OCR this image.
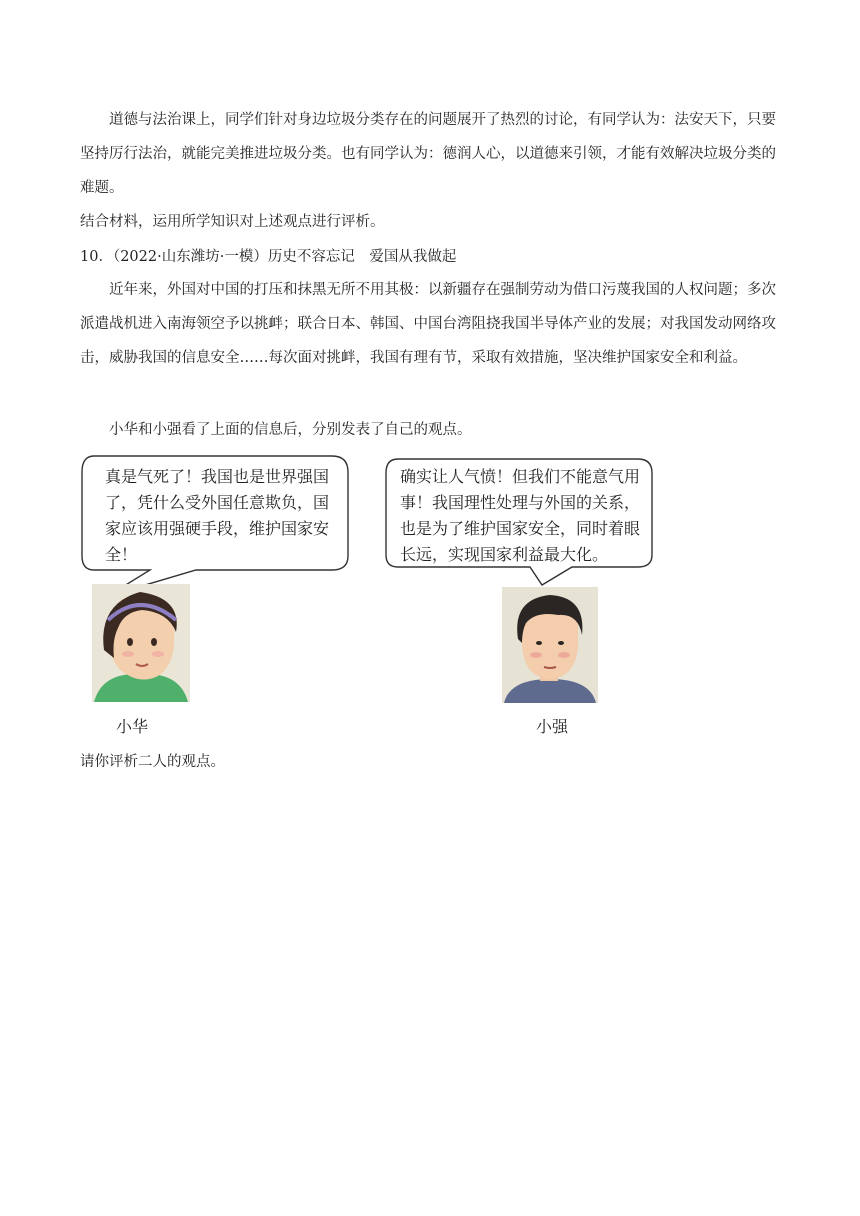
道德与法治课上，同学们针对身边垃圾分类存在的问题展开了热烈的讨论，有同学认为：法安天下，只要坚持厉行法治，就能完美推进垃圾分类。也有同学认为：德润人心，以道德来引领，才能有效解决垃圾分类的难题。

结合材料，运用所学知识对上述观点进行评析。
10．（2022·山东潍坊·一模）历史不容忘记　爱国从我做起

近年来，外国对中国的打压和抹黑无所不用其极：以新疆存在强制劳动为借口污蔑我国的人权问题；多次派遣战机进入南海领空予以挑衅；联合日本、韩国、中国台湾阻挠我国半导体产业的发展；对我国发动网络攻击，威胁我国的信息安全……每次面对挑衅，我国有理有节，采取有效措施，坚决维护国家安全和利益。

小华和小强看了上面的信息后，分别发表了自己的观点。
真是气死了！我国也是世界强国了，凭什么受外国任意欺负，国家应该用强硬手段，维护国家安全！
确实让人气愤！但我们不能意气用事！我国理性处理与外国的关系，也是为了维护国家安全，同时着眼长远，实现国家利益最大化。
小华	小强
请你评析二人的观点。
